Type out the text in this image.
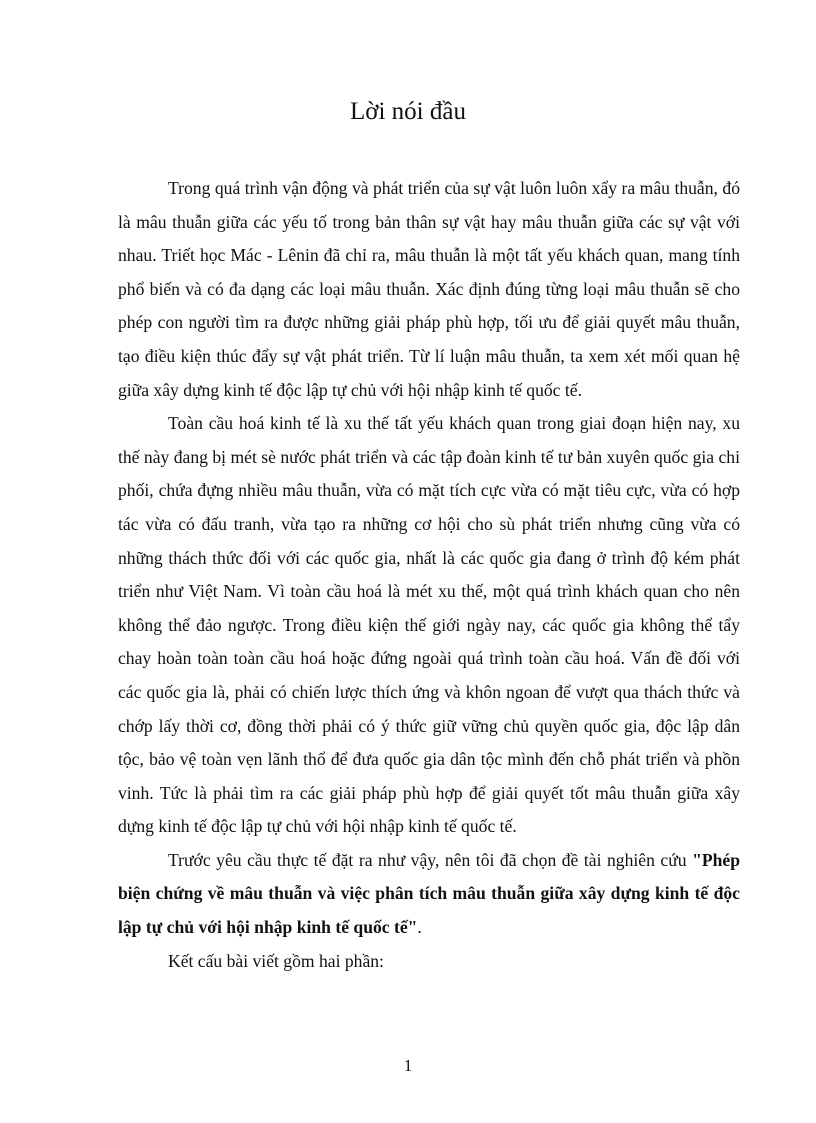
Lời nói đầu

Trong quá trình vận động và phát triển của sự vật luôn luôn xẩy ra mâu thuẫn, đó là mâu thuẫn giữa các yếu tố trong bản thân sự vật hay mâu thuẫn giữa các sự vật với nhau. Triết học Mác - Lênin đã chỉ ra, mâu thuẫn là một tất yếu khách quan, mang tính phổ biến và có đa dạng các loại mâu thuẫn. Xác định đúng từng loại mâu thuẫn sẽ cho phép con người tìm ra được những giải pháp phù hợp, tối ưu để giải quyết mâu thuẫn, tạo điều kiện thúc đẩy sự vật phát triển. Từ lí luận mâu thuẫn, ta xem xét mối quan hệ giữa xây dựng kinh tế độc lập tự chủ với hội nhập kinh tế quốc tế.

Toàn cầu hoá kinh tế là xu thế tất yếu khách quan trong giai đoạn hiện nay, xu thế này đang bị mét sè nước phát triển và các tập đoàn kinh tế tư bản xuyên quốc gia chi phối, chứa đựng nhiều mâu thuẫn, vừa có mặt tích cực vừa có mặt tiêu cực, vừa có hợp tác vừa có đấu tranh, vừa tạo ra những cơ hội cho sù phát triển nhưng cũng vừa có những thách thức đối với các quốc gia, nhất là các quốc gia đang ở trình độ kém phát triển như Việt Nam. Vì toàn cầu hoá là mét xu thế, một quá trình khách quan cho nên không thể đảo ngược. Trong điều kiện thế giới ngày nay, các quốc gia không thể tẩy chay hoàn toàn toàn cầu hoá hoặc đứng ngoài quá trình toàn cầu hoá. Vấn đề đối với các quốc gia là, phải có chiến lược thích ứng và khôn ngoan để vượt qua thách thức và chớp lấy thời cơ, đồng thời phải có ý thức giữ vững chủ quyền quốc gia, độc lập dân tộc, bảo vệ toàn vẹn lãnh thổ để đưa quốc gia dân tộc mình đến chỗ phát triển và phồn vinh. Tức là phải tìm ra các giải pháp phù hợp để giải quyết tốt mâu thuẫn giữa xây dựng kinh tế độc lập tự chủ với hội nhập kinh tế quốc tế.

Trước yêu cầu thực tế đặt ra như vậy, nên tôi đã chọn đề tài nghiên cứu "Phép biện chứng về mâu thuẫn và việc phân tích mâu thuẫn giữa xây dựng kinh tế độc lập tự chủ với hội nhập kinh tế quốc tế".

Kết cấu bài viết gồm hai phần:

1
